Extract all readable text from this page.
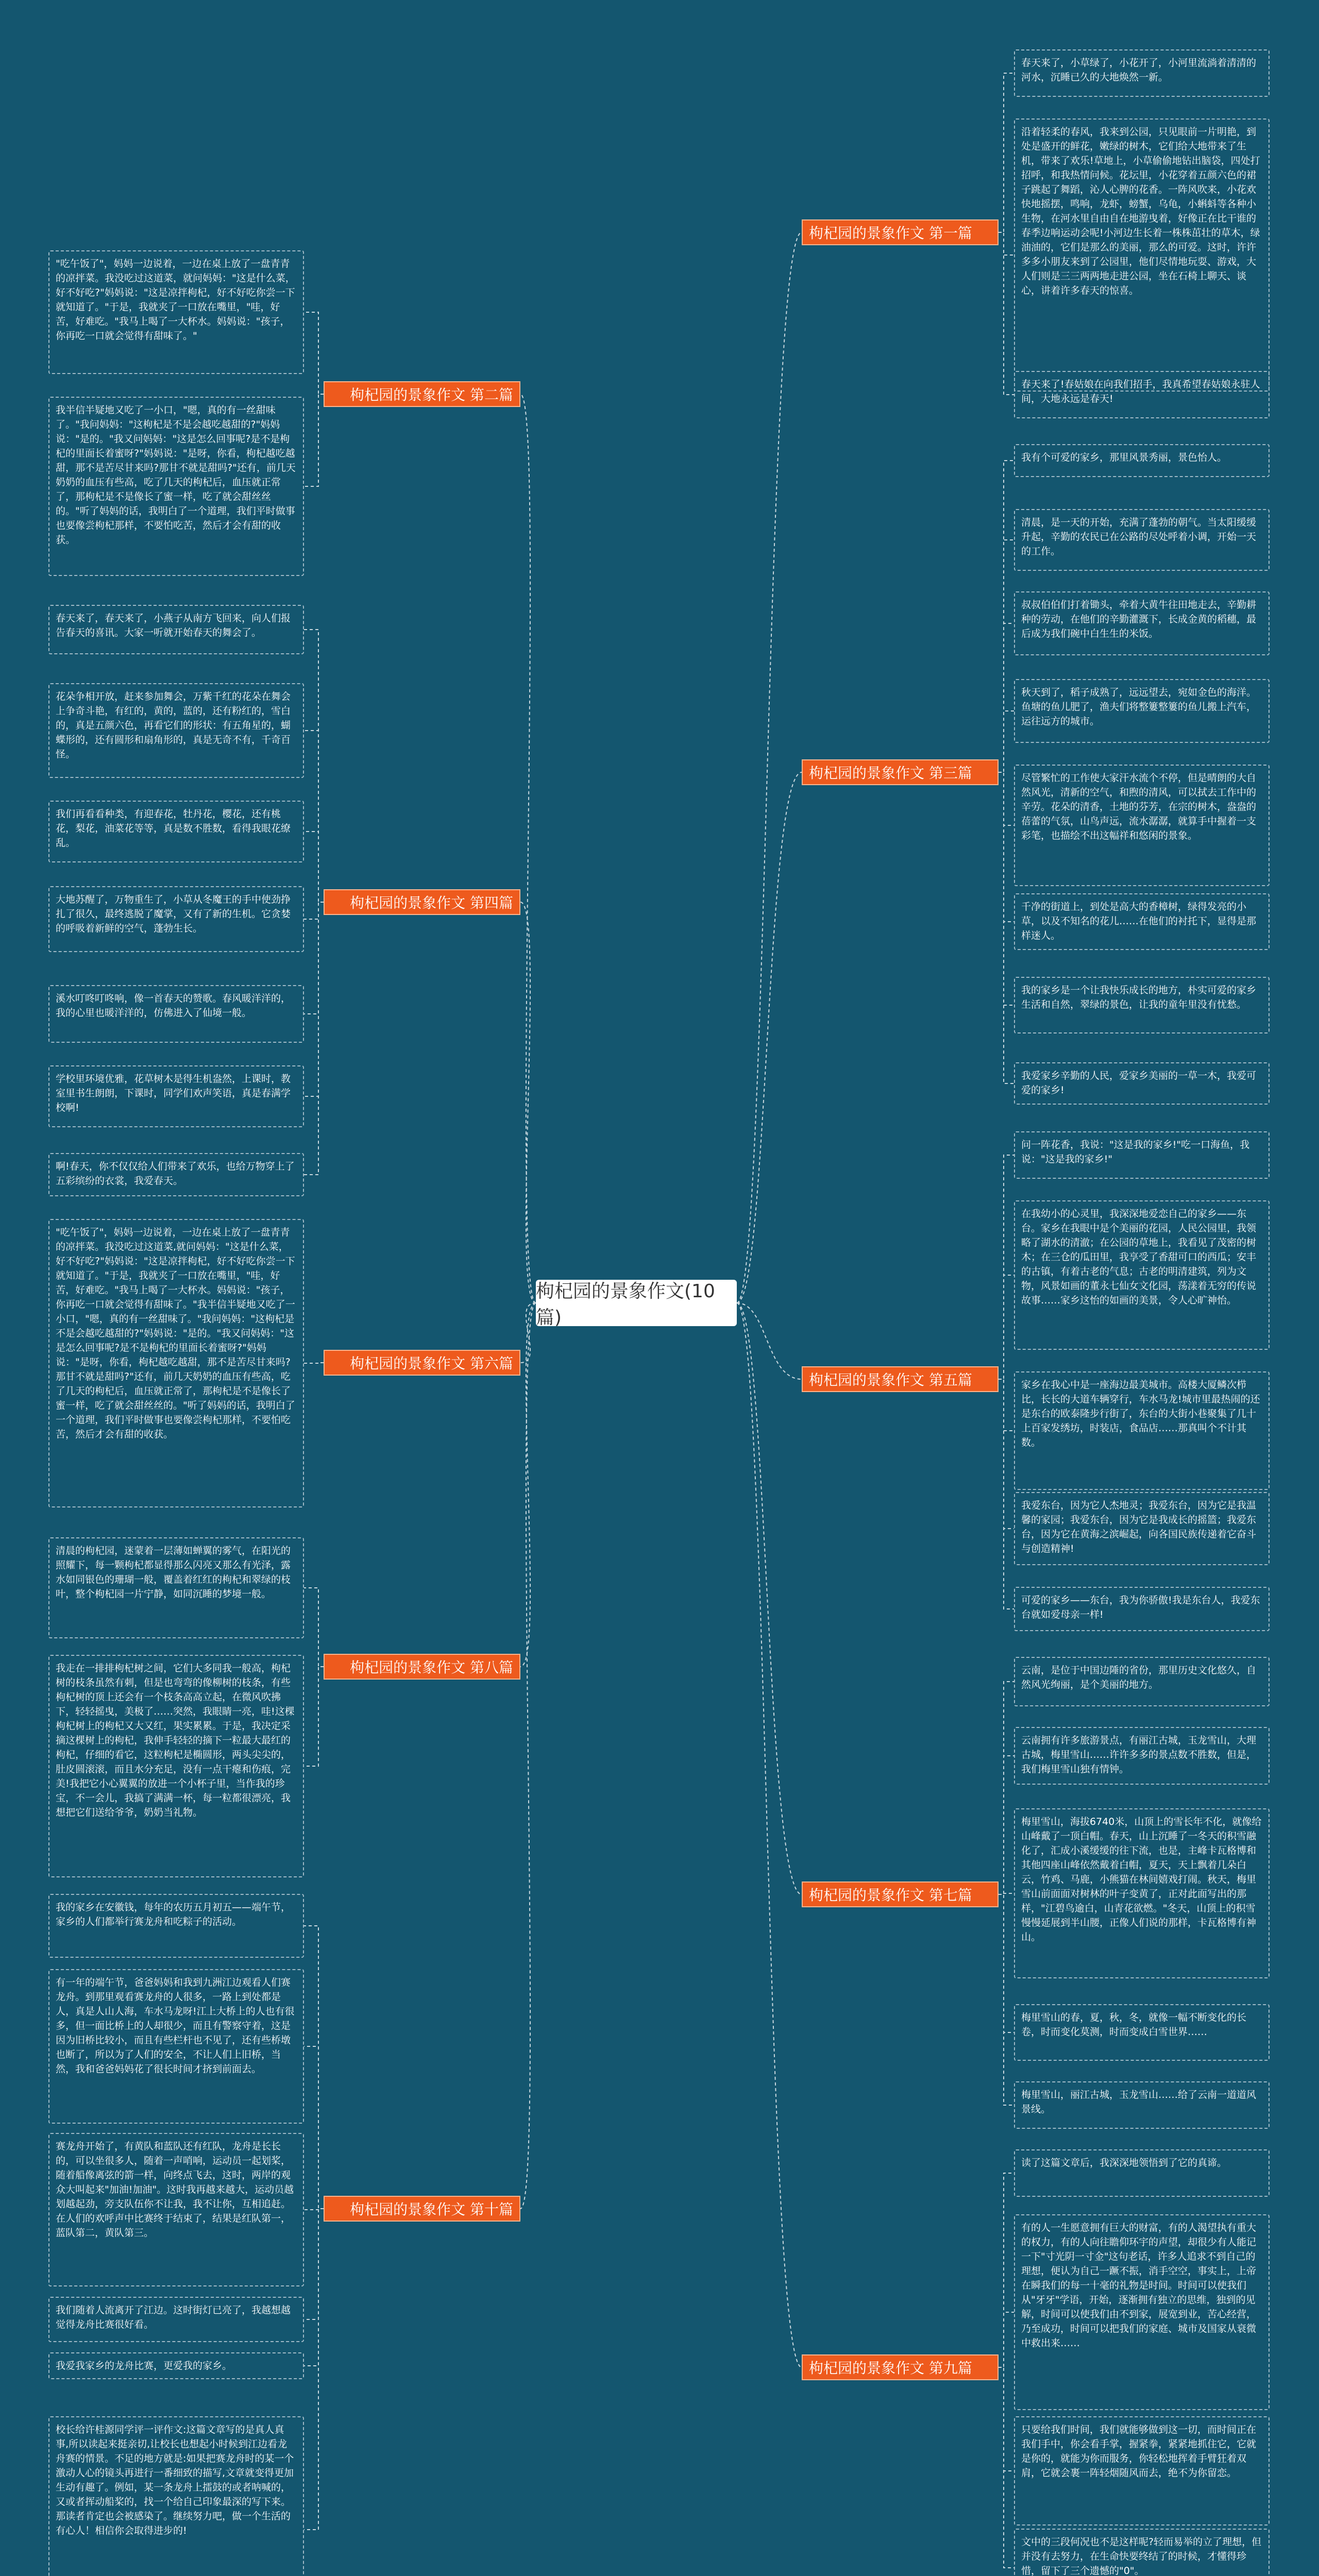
枸杞园的景象作文(10篇)
枸杞园的景象作文 第一篇
春天来了，小草绿了，小花开了，小河里流淌着清清的河水，沉睡已久的大地焕然一新。
沿着轻柔的春风，我来到公园，只见眼前一片明艳，到处是盛开的鲜花，嫩绿的树木，它们给大地带来了生机，带来了欢乐!草地上，小草偷偷地钻出脑袋，四处打招呼，和我热情问候。花坛里，小花穿着五颜六色的裙子跳起了舞蹈，沁人心脾的花香。一阵风吹来，小花欢快地摇摆，鸣响，龙虾，螃蟹，乌龟，小蝌蚪等各种小生物，在河水里自由自在地游曳着，好像正在比干谁的春季边响运动会呢!小河边生长着一株株茁壮的草木，绿油油的，它们是那么的美丽，那么的可爱。这时，许许多多小朋友来到了公园里，他们尽情地玩耍、游戏，大人们则是三三两两地走进公园，坐在石椅上聊天、谈心，讲着许多春天的惊喜。
春天来了!春姑娘在向我们招手，我真希望春姑娘永驻人间，大地永远是春天!
枸杞园的景象作文 第二篇
"吃午饭了"，妈妈一边说着，一边在桌上放了一盘青青的凉拌菜。我没吃过这道菜，就问妈妈："这是什么菜，好不好吃?"妈妈说："这是凉拌枸杞，好不好吃你尝一下就知道了。"于是，我就夹了一口放在嘴里，"哇，好苦，好难吃。"我马上喝了一大杯水。妈妈说："孩子，你再吃一口就会觉得有甜味了。"
我半信半疑地又吃了一小口，"嗯，真的有一丝甜味了。"我问妈妈："这枸杞是不是会越吃越甜的?"妈妈说："是的。"我又问妈妈："这是怎么回事呢?是不是枸杞的里面长着蜜呀?"妈妈说："是呀，你看，枸杞越吃越甜，那不是苦尽甘来吗?那甘不就是甜吗?"还有，前几天奶奶的血压有些高，吃了几天的枸杞后，血压就正常了，那枸杞是不是像长了蜜一样，吃了就会甜丝丝的。"听了妈妈的话，我明白了一个道理，我们平时做事也要像尝枸杞那样，不要怕吃苦，然后才会有甜的收获。
枸杞园的景象作文 第三篇
我有个可爱的家乡，那里风景秀丽，景色怡人。
清晨，是一天的开始，充满了蓬勃的朝气。当太阳缓缓升起，辛勤的农民已在公路的尽处呼着小调，开始一天的工作。
叔叔伯伯们打着锄头，牵着大黄牛往田地走去，辛勤耕种的劳动，在他们的辛勤灌溉下，长成金黄的稻穗，最后成为我们碗中白生生的米饭。
秋天到了，稻子成熟了，远远望去，宛如金色的海洋。鱼塘的鱼儿肥了，渔夫们将整簍整簍的鱼儿搬上汽车，运往远方的城市。
尽管繁忙的工作使大家汗水流个不停，但是晴朗的大自然风光，清新的空气，和煦的清风，可以拭去工作中的辛劳。花朵的清香，土地的芬芳，在宗的树木，盎盎的蓓蕾的气氛，山鸟声远，流水潺潺，就算手中握着一支彩笔，也描绘不出这幅祥和悠闲的景象。
千净的街道上，到处是高大的香樟树，绿得发亮的小草，以及不知名的花儿……在他们的衬托下，显得是那样迷人。
我的家乡是一个让我快乐成长的地方，朴实可爱的家乡生活和自然，翠绿的景色，让我的童年里没有忧愁。
我爱家乡辛勤的人民，爱家乡美丽的一草一木，我爱可爱的家乡!
枸杞园的景象作文 第四篇
春天来了，春天来了，小燕子从南方飞回来，向人们报告春天的喜讯。大家一听就开始春天的舞会了。
花朵争相开放，赶来参加舞会，万紫千红的花朵在舞会上争奇斗艳，有红的，黄的，蓝的，还有粉红的，雪白的，真是五颜六色，再看它们的形状：有五角星的，蝴蝶形的，还有圆形和扇角形的，真是无奇不有，千奇百怪。
我们再看看种类，有迎春花，牡丹花，樱花，还有桃花，梨花，油菜花等等，真是数不胜数，看得我眼花缭乱。
大地苏醒了，万物重生了，小草从冬魔王的手中使劲挣扎了很久，最终逃脱了魔掌，又有了新的生机。它贪婪的呼吸着新鲜的空气，蓬勃生长。
溪水叮咚叮咚响，像一首春天的赞歌。春风暖洋洋的，我的心里也暖洋洋的，仿佛进入了仙境一般。
学校里环境优雅，花草树木是得生机盎然，上课时，教室里书生朗朗，下课时，同学们欢声笑语，真是春满学校啊!
啊!春天，你不仅仅给人们带来了欢乐，也给万物穿上了五彩缤纷的衣裳，我爱春天。
枸杞园的景象作文 第五篇
问一阵花香，我说："这是我的家乡!"吃一口海鱼，我说："这是我的家乡!"
在我幼小的心灵里，我深深地爱恋自己的家乡——东台。家乡在我眼中是个美丽的花园，人民公园里，我领略了湖水的清澈；在公园的草地上，我看见了茂密的树木；在三仓的瓜田里，我享受了香甜可口的西瓜；安丰的古镇，有着古老的气息；古老的明清建筑，列为文物，风景如画的董永七仙女文化园，荡漾着无穷的传说故事……家乡这怡的如画的美景，令人心旷神怡。
家乡在我心中是一座海边最美城市。高楼大厦鳞次栉比，长长的大道车辆穿行，车水马龙!城市里最热闹的还是东台的欧泰隆步行街了，东台的大街小巷聚集了几十上百家发绣坊，时装店，食品店……那真叫个不计其数。
我爱东台，因为它人杰地灵；我爱东台，因为它是我温馨的家园；我爱东台，因为它是我成长的摇篮；我爱东台，因为它在黄海之滨崛起，向各国民族传递着它奋斗与创造精神!
可爱的家乡——东台，我为你骄傲!我是东台人，我爱东台就如爱母亲一样!
枸杞园的景象作文 第六篇
"吃午饭了"，妈妈一边说着，一边在桌上放了一盘青青的凉拌菜。我没吃过这道菜,就问妈妈："这是什么菜，好不好吃?"妈妈说："这是凉拌枸杞，好不好吃你尝一下就知道了。"于是，我就夹了一口放在嘴里，"哇，好苦，好难吃。"我马上喝了一大杯水。妈妈说："孩子，你再吃一口就会觉得有甜味了。"我半信半疑地又吃了一小口，"嗯，真的有一丝甜味了。"我问妈妈："这枸杞是不是会越吃越甜的?"妈妈说："是的。"我又问妈妈："这是怎么回事呢?是不是枸杞的里面长着蜜呀?"妈妈说："是呀，你看，枸杞越吃越甜，那不是苦尽甘来吗?那甘不就是甜吗?"还有，前几天奶奶的血压有些高，吃了几天的枸杞后，血压就正常了，那枸杞是不是像长了蜜一样，吃了就会甜丝丝的。"听了妈妈的话，我明白了一个道理，我们平时做事也要像尝枸杞那样，不要怕吃苦，然后才会有甜的收获。
枸杞园的景象作文 第七篇
云南，是位于中国边陲的省份，那里历史文化悠久，自然风光绚丽，是个美丽的地方。
云南拥有许多旅游景点，有丽江古城，玉龙雪山，大理古城，梅里雪山……许许多多的景点数不胜数，但是，我们梅里雪山独有情钟。
梅里雪山，海拔6740米，山顶上的雪长年不化，就像给山峰戴了一顶白帽。春天，山上沉睡了一冬天的积雪融化了，汇成小溪缓缓的往下流，也是，主峰卡瓦格博和其他四座山峰依然戴着白帽，夏天，天上飘着几朵白云，竹鸡、马鹿，小熊猫在林间嬉戏打闹。秋天，梅里雪山前面面对树林的叶子变黄了，正对此面写出的那样，"江碧鸟逾白，山青花欲燃。"冬天，山顶上的积雪慢慢延展到半山腰，正像人们说的那样，卡瓦格博有神山。
梅里雪山的春，夏，秋，冬，就像一幅不断变化的长卷，时而变化莫测，时而变成白雪世界……
梅里雪山，丽江古城，玉龙雪山……给了云南一道道风景线。
枸杞园的景象作文 第八篇
清晨的枸杞园，迷蒙着一层薄如蝉翼的雾气，在阳光的照耀下，每一颗枸杞都显得那么闪亮又那么有光泽，露水如同银色的珊瑚一般，覆盖着红红的枸杞和翠绿的枝叶，整个枸杞园一片宁静，如同沉睡的梦境一般。
我走在一排排枸杞树之间，它们大多同我一般高，枸杞树的枝条虽然有刺，但是也弯弯的像柳树的枝条，有些枸杞树的顶上还会有一个枝条高高立起，在微风吹拂下，轻轻摇曳，美极了……突然，我眼睛一亮，哇!这棵枸杞树上的枸杞又大又红，果实累累。于是，我决定采摘这棵树上的枸杞，我伸手轻轻的摘下一粒最大最红的枸杞，仔细的看它，这粒枸杞是椭圆形，两头尖尖的，肚皮圆滚滚，而且水分充足，没有一点干瘪和伤痕，完美!我把它小心翼翼的放进一个小杯子里，当作我的珍宝，不一会儿，我搞了满满一杯，每一粒都很漂亮，我想把它们送给爷爷，奶奶当礼物。
枸杞园的景象作文 第九篇
读了这篇文章后，我深深地领悟到了它的真谛。
有的人一生愿意拥有巨大的财富，有的人渴望执有重大的权力，有的人向往瞻仰环宇的声望，却很少有人能记一下"寸光阴一寸金"这句老话，许多人追求不到自己的理想，便认为自己一蹶不振，消手空空，事实上，上帝在瞬我们的每一十毫的礼物是时间。时间可以使我们从"牙牙"学语，开始，逐渐拥有独立的思维，独到的见解，时间可以使我们由不到家，展宽到业，苦心经营，乃至成功，时间可以把我们的家庭、城市及国家从衰微中救出来……
只要给我们时间，我们就能够做到这一切，而时间正在我们手中，你会看手掌，握紧拳，紧紧地抓住它，它就是你的，就能为你而服务，你轻松地挥着手臂狂着双肩，它就会裹一阵轻烟随风而去，绝不为你留恋。
文中的三段何况也不是这样呢?轻而易举的立了理想，但并没有去努力，在生命快要终结了的时候，才懂得珍惜，留下了三个遗憾的"0"。
枸杞园的景象作文 第十篇
我的家乡在安徽钱，每年的农历五月初五——端午节，家乡的人们都举行赛龙舟和吃粽子的活动。
有一年的端午节，爸爸妈妈和我到九洲江边观看人们赛龙舟。到那里观看赛龙舟的人很多，一路上到处都是人，真是人山人海，车水马龙呀!江上大桥上的人也有很多，但一面比桥上的人却很少，而且有警察守着，这是因为旧桥比较小，而且有些栏杆也不见了，还有些桥墩也断了，所以为了人们的安全，不让人们上旧桥，当然，我和爸爸妈妈花了很长时间才挤到前面去。
赛龙舟开始了，有黄队和蓝队还有红队，龙舟是长长的，可以坐很多人，随着一声哨响，运动员一起划桨，随着船像离弦的箭一样，向终点飞去，这时，两岸的观众大叫起来"加油!加油"。这时我再越来越大，运动员越划越起劲，旁支队伍你不让我，我不让你，互相追赶。在人们的欢呼声中比赛终于结束了，结果是红队第一，蓝队第二，黄队第三。
我们随着人流离开了江边。这时街灯已亮了，我越想越觉得龙舟比赛很好看。
我爱我家乡的龙舟比赛，更爱我的家乡。
校长给许桂源同学评一评作文:这篇文章写的是真人真事,所以读起来挺亲切,让校长也想起小时候到江边看龙舟赛的情景。不足的地方就是:如果把赛龙舟时的某一个激动人心的镜头再进行一番细致的描写,文章就变得更加生动有趣了。例如，某一条龙舟上擂鼓的或者呐喊的，又或者挥动船桨的，找一个给自己印象最深的写下来。那读者肯定也会被感染了。继续努力吧，做一个生活的有心人！相信你会取得进步的!
